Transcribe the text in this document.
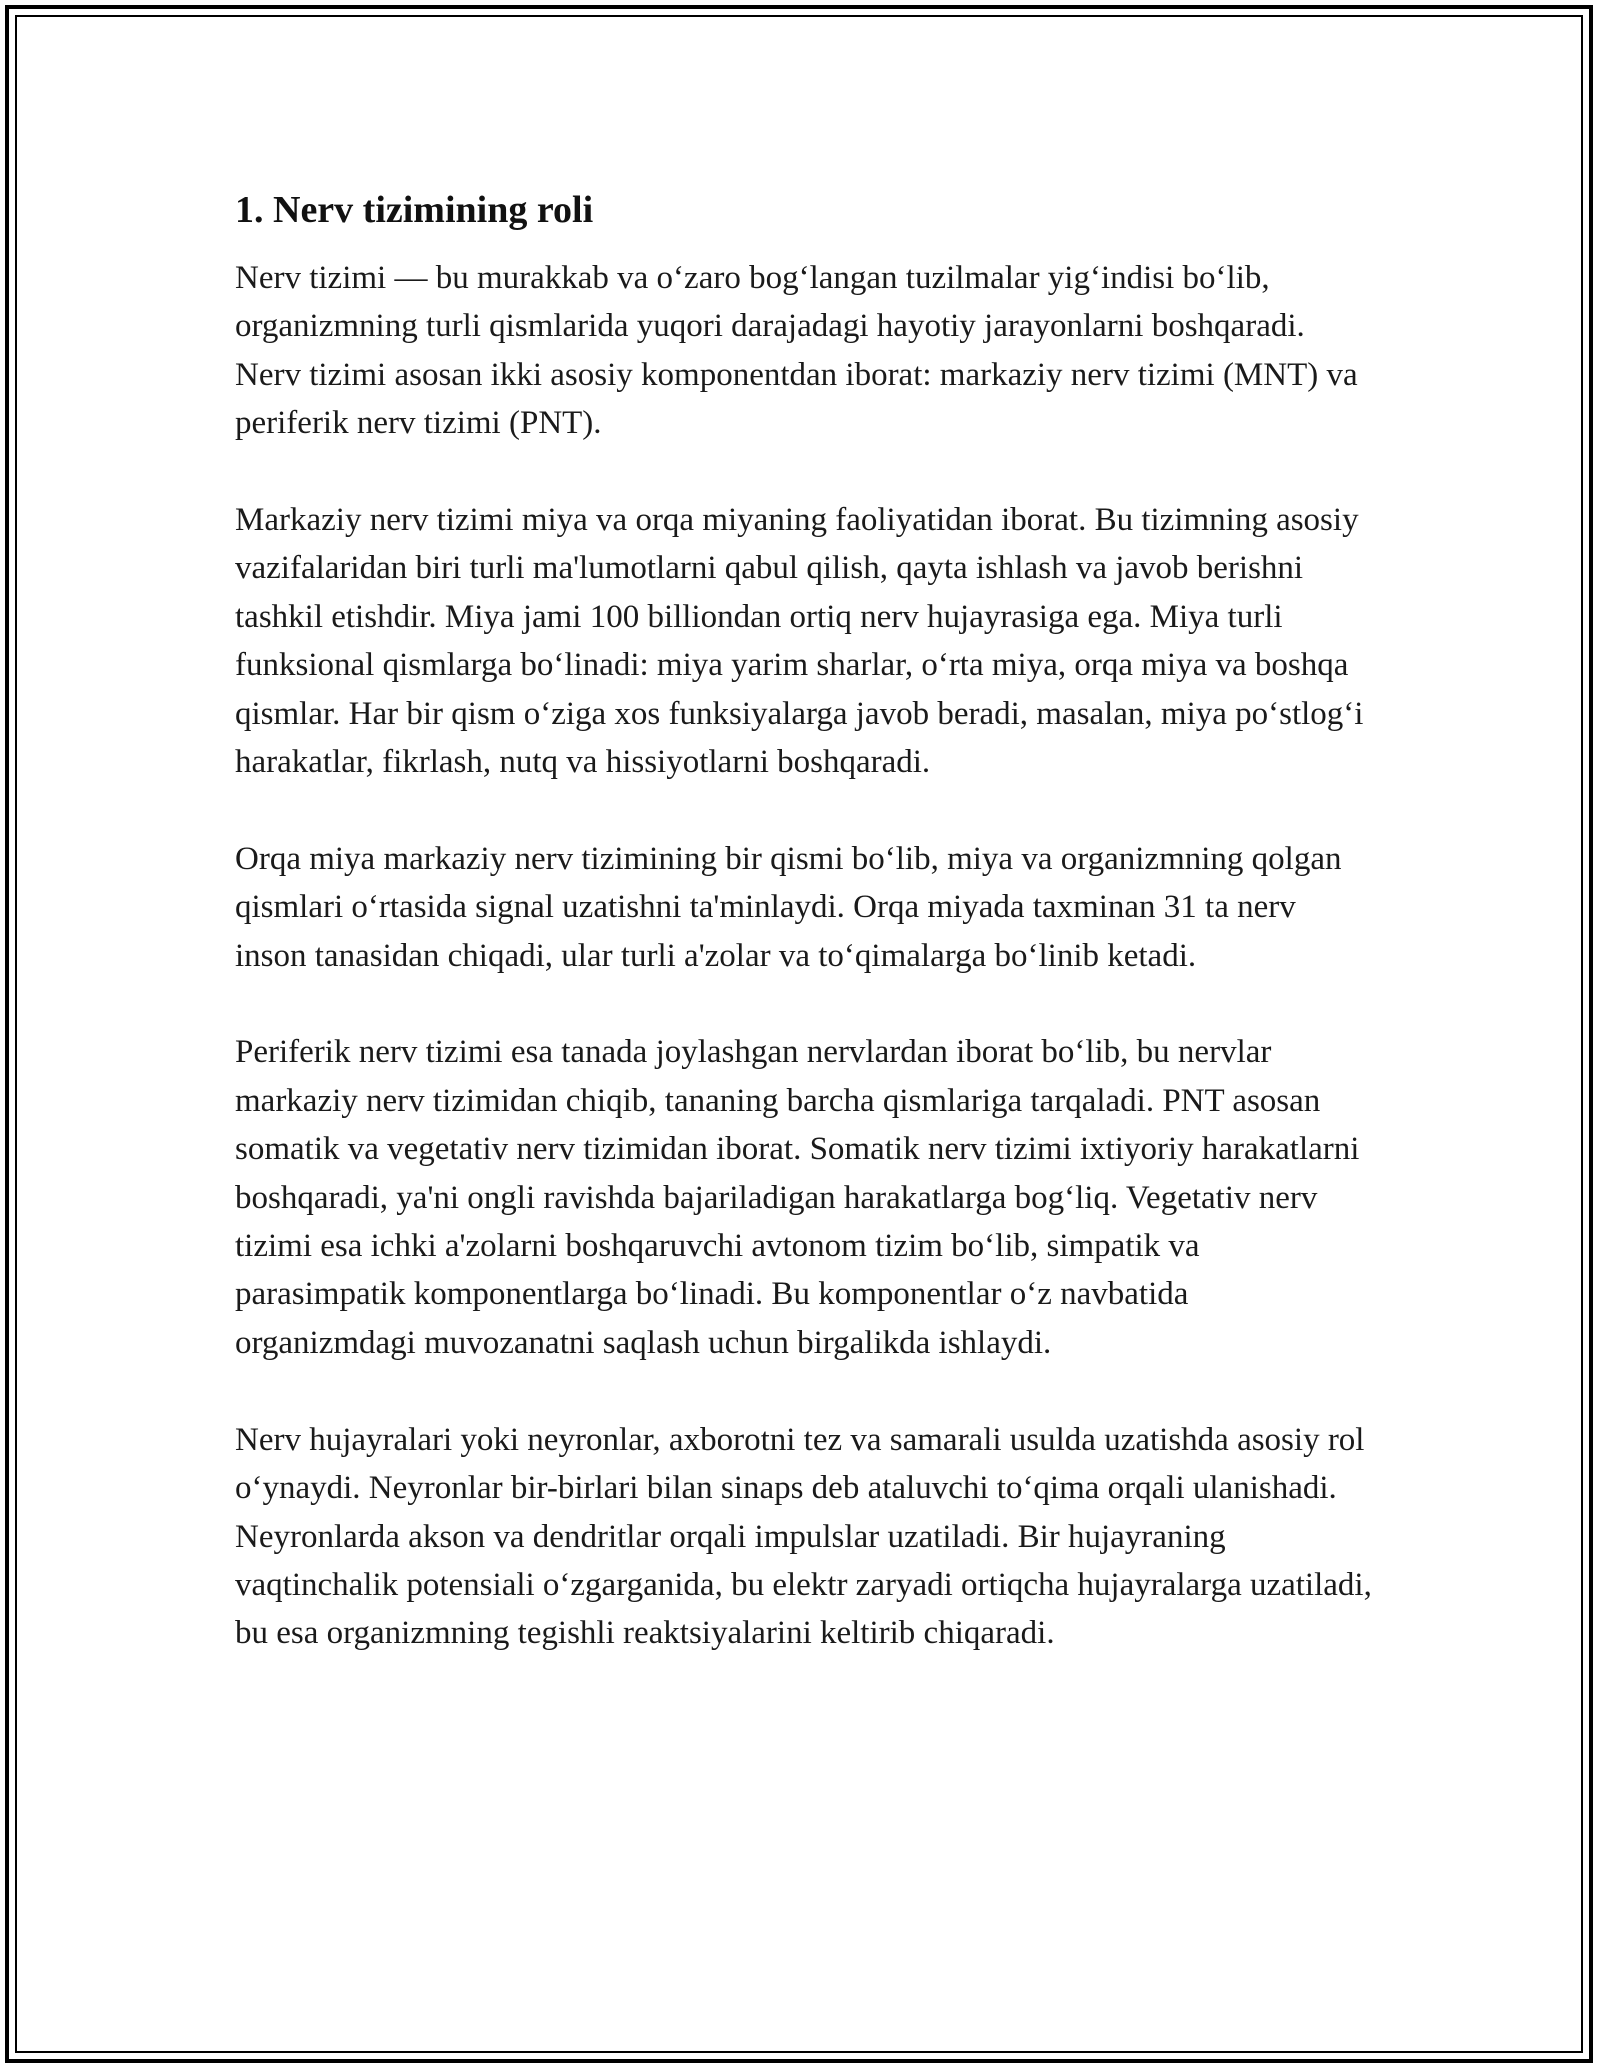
1. Nerv tizimining roli

Nerv tizimi — bu murakkab va o‘zaro bog‘langan tuzilmalar yig‘indisi bo‘lib, organizmning turli qismlarida yuqori darajadagi hayotiy jarayonlarni boshqaradi. Nerv tizimi asosan ikki asosiy komponentdan iborat: markaziy nerv tizimi (MNT) va periferik nerv tizimi (PNT).

Markaziy nerv tizimi miya va orqa miyaning faoliyatidan iborat. Bu tizimning asosiy vazifalaridan biri turli ma'lumotlarni qabul qilish, qayta ishlash va javob berishni tashkil etishdir. Miya jami 100 billiondan ortiq nerv hujayrasiga ega. Miya turli funksional qismlarga bo‘linadi: miya yarim sharlar, o‘rta miya, orqa miya va boshqa qismlar. Har bir qism o‘ziga xos funksiyalarga javob beradi, masalan, miya po‘stlog‘i harakatlar, fikrlash, nutq va hissiyotlarni boshqaradi.

Orqa miya markaziy nerv tizimining bir qismi bo‘lib, miya va organizmning qolgan qismlari o‘rtasida signal uzatishni ta'minlaydi. Orqa miyada taxminan 31 ta nerv inson tanasidan chiqadi, ular turli a'zolar va to‘qimalarga bo‘linib ketadi.

Periferik nerv tizimi esa tanada joylashgan nervlardan iborat bo‘lib, bu nervlar markaziy nerv tizimidan chiqib, tananing barcha qismlariga tarqaladi. PNT asosan somatik va vegetativ nerv tizimidan iborat. Somatik nerv tizimi ixtiyoriy harakatlarni boshqaradi, ya'ni ongli ravishda bajariladigan harakatlarga bog‘liq. Vegetativ nerv tizimi esa ichki a'zolarni boshqaruvchi avtonom tizim bo‘lib, simpatik va parasimpatik komponentlarga bo‘linadi. Bu komponentlar o‘z navbatida organizmdagi muvozanatni saqlash uchun birgalikda ishlaydi.

Nerv hujayralari yoki neyronlar, axborotni tez va samarali usulda uzatishda asosiy rol o‘ynaydi. Neyronlar bir-birlari bilan sinaps deb ataluvchi to‘qima orqali ulanishadi. Neyronlarda akson va dendritlar orqali impulslar uzatiladi. Bir hujayraning vaqtinchalik potensiali o‘zgarganida, bu elektr zaryadi ortiqcha hujayralarga uzatiladi, bu esa organizmning tegishli reaktsiyalarini keltirib chiqaradi.
